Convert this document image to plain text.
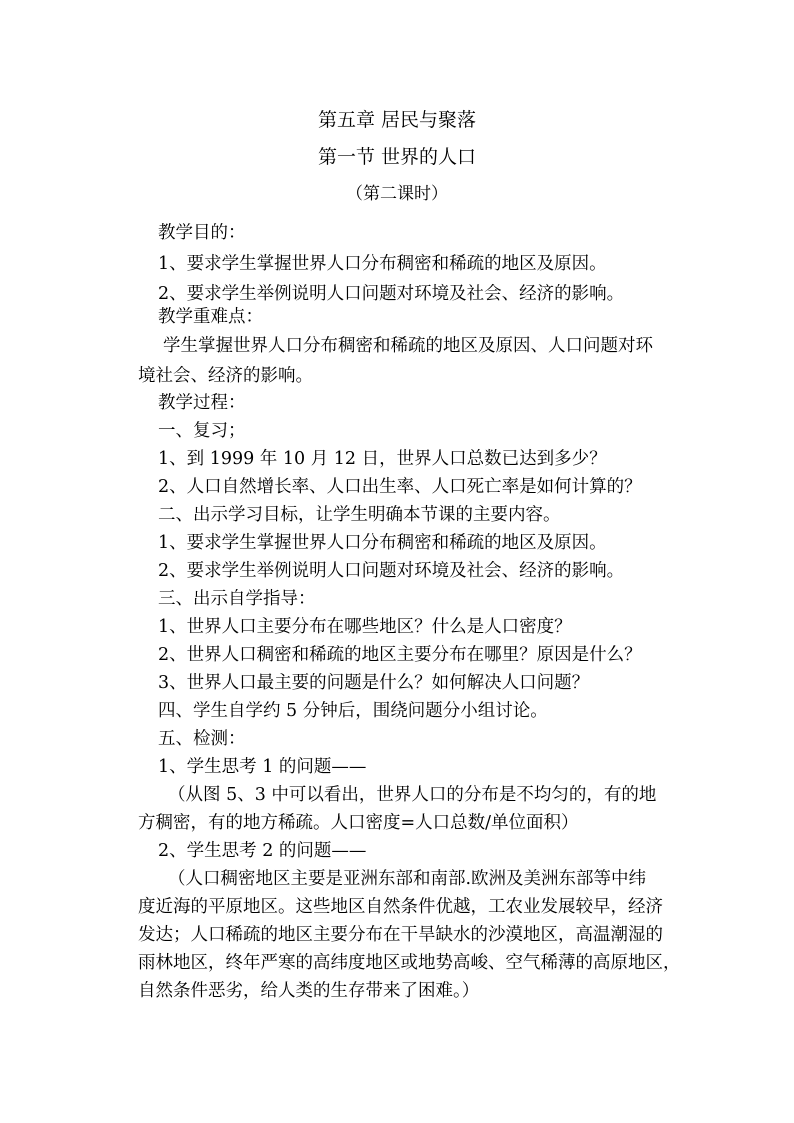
第五章 居民与聚落
第一节 世界的人口
（第二课时）
教学目的：
1、要求学生掌握世界人口分布稠密和稀疏的地区及原因。
2、要求学生举例说明人口问题对环境及社会、经济的影响。
教学重难点：
学生掌握世界人口分布稠密和稀疏的地区及原因、人口问题对环
境社会、经济的影响。
教学过程：
一、复习；
1、到 1999 年 10 月 12 日，世界人口总数已达到多少？
2、人口自然增长率、人口出生率、人口死亡率是如何计算的？
二、出示学习目标，让学生明确本节课的主要内容。
1、要求学生掌握世界人口分布稠密和稀疏的地区及原因。
2、要求学生举例说明人口问题对环境及社会、经济的影响。
三、出示自学指导：
1、世界人口主要分布在哪些地区？什么是人口密度？
2、世界人口稠密和稀疏的地区主要分布在哪里？原因是什么？
3、世界人口最主要的问题是什么？如何解决人口问题？
四、学生自学约 5 分钟后，围绕问题分小组讨论。
五、检测：
1、学生思考 1 的问题——
（从图 5、3 中可以看出，世界人口的分布是不均匀的，有的地
方稠密，有的地方稀疏。人口密度=人口总数/单位面积）
2、学生思考 2 的问题——
（人口稠密地区主要是亚洲东部和南部.欧洲及美洲东部等中纬
度近海的平原地区。这些地区自然条件优越，工农业发展较早，经济
发达；人口稀疏的地区主要分布在干旱缺水的沙漠地区，高温潮湿的
雨林地区，终年严寒的高纬度地区或地势高峻、空气稀薄的高原地区，
自然条件恶劣，给人类的生存带来了困难。）
